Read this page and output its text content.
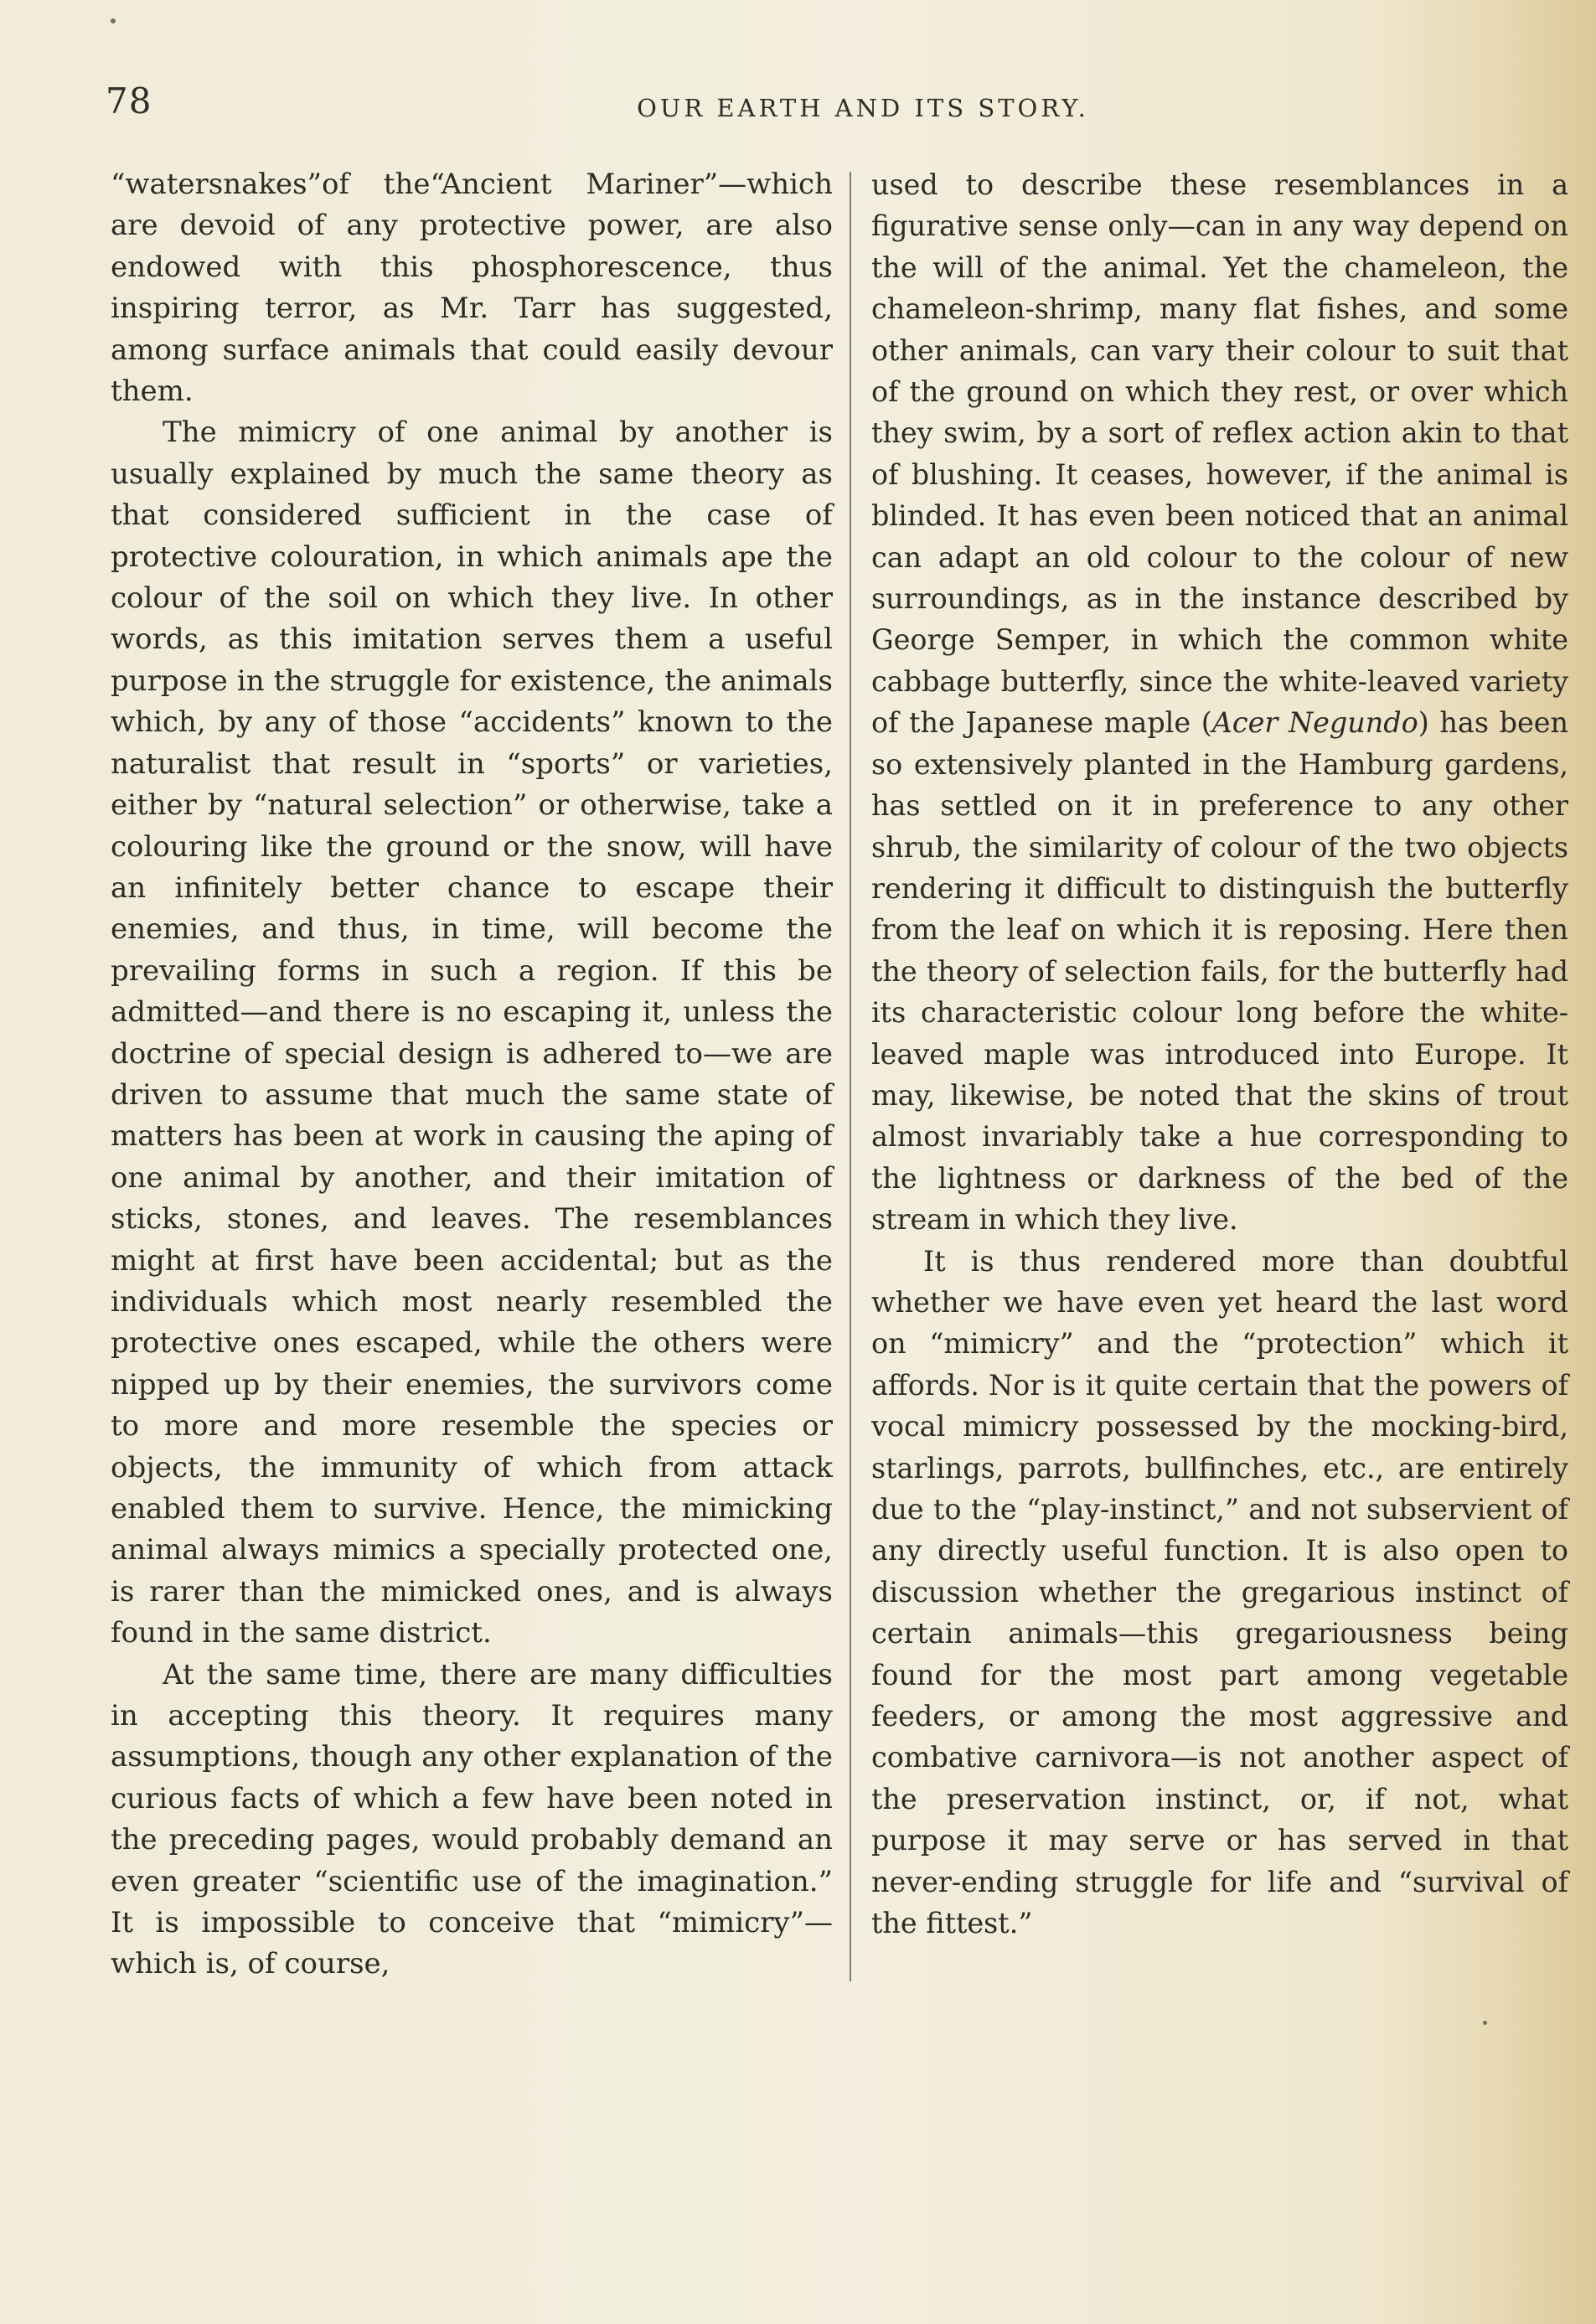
78	OUR EARTH AND ITS STORY.

“watersnakes”of the“Ancient Mariner”—which are devoid of any protective power, are also endowed with this phosphorescence, thus inspiring terror, as Mr. Tarr has suggested, among surface animals that could easily devour them.

The mimicry of one animal by another is usually explained by much the same theory as that considered sufficient in the case of protective colouration, in which animals ape the colour of the soil on which they live. In other words, as this imitation serves them a useful purpose in the struggle for existence, the animals which, by any of those “accidents” known to the naturalist that result in “sports” or varieties, either by “natural selection” or otherwise, take a colouring like the ground or the snow, will have an infinitely better chance to escape their enemies, and thus, in time, will become the prevailing forms in such a region. If this be admitted—and there is no escaping it, unless the doctrine of special design is adhered to—we are driven to assume that much the same state of matters has been at work in causing the aping of one animal by another, and their imitation of sticks, stones, and leaves. The resemblances might at first have been accidental; but as the individuals which most nearly resembled the protective ones escaped, while the others were nipped up by their enemies, the survivors come to more and more resemble the species or objects, the immunity of which from attack enabled them to survive. Hence, the mimicking animal always mimics a specially protected one, is rarer than the mimicked ones, and is always found in the same district.

At the same time, there are many difficulties in accepting this theory. It requires many assumptions, though any other explanation of the curious facts of which a few have been noted in the preceding pages, would probably demand an even greater “scientific use of the imagination.” It is impossible to conceive that “mimicry”—which is, of course,

used to describe these resemblances in a figurative sense only—can in any way depend on the will of the animal. Yet the chameleon, the chameleon-shrimp, many flat fishes, and some other animals, can vary their colour to suit that of the ground on which they rest, or over which they swim, by a sort of reflex action akin to that of blushing. It ceases, however, if the animal is blinded. It has even been noticed that an animal can adapt an old colour to the colour of new surroundings, as in the instance described by George Semper, in which the common white cabbage butterfly, since the white-leaved variety of the Japanese maple (Acer Negundo) has been so extensively planted in the Hamburg gardens, has settled on it in preference to any other shrub, the similarity of colour of the two objects rendering it difficult to distinguish the butterfly from the leaf on which it is reposing. Here then the theory of selection fails, for the butterfly had its characteristic colour long before the white-leaved maple was introduced into Europe. It may, likewise, be noted that the skins of trout almost invariably take a hue corresponding to the lightness or darkness of the bed of the stream in which they live.

It is thus rendered more than doubtful whether we have even yet heard the last word on “mimicry” and the “protection” which it affords. Nor is it quite certain that the powers of vocal mimicry possessed by the mocking-bird, starlings, parrots, bullfinches, etc., are entirely due to the “play-instinct,” and not subservient of any directly useful function. It is also open to discussion whether the gregarious instinct of certain animals—this gregariousness being found for the most part among vegetable feeders, or among the most aggressive and combative carnivora—is not another aspect of the preservation instinct, or, if not, what purpose it may serve or has served in that never-ending struggle for life and “survival of the fittest.”
